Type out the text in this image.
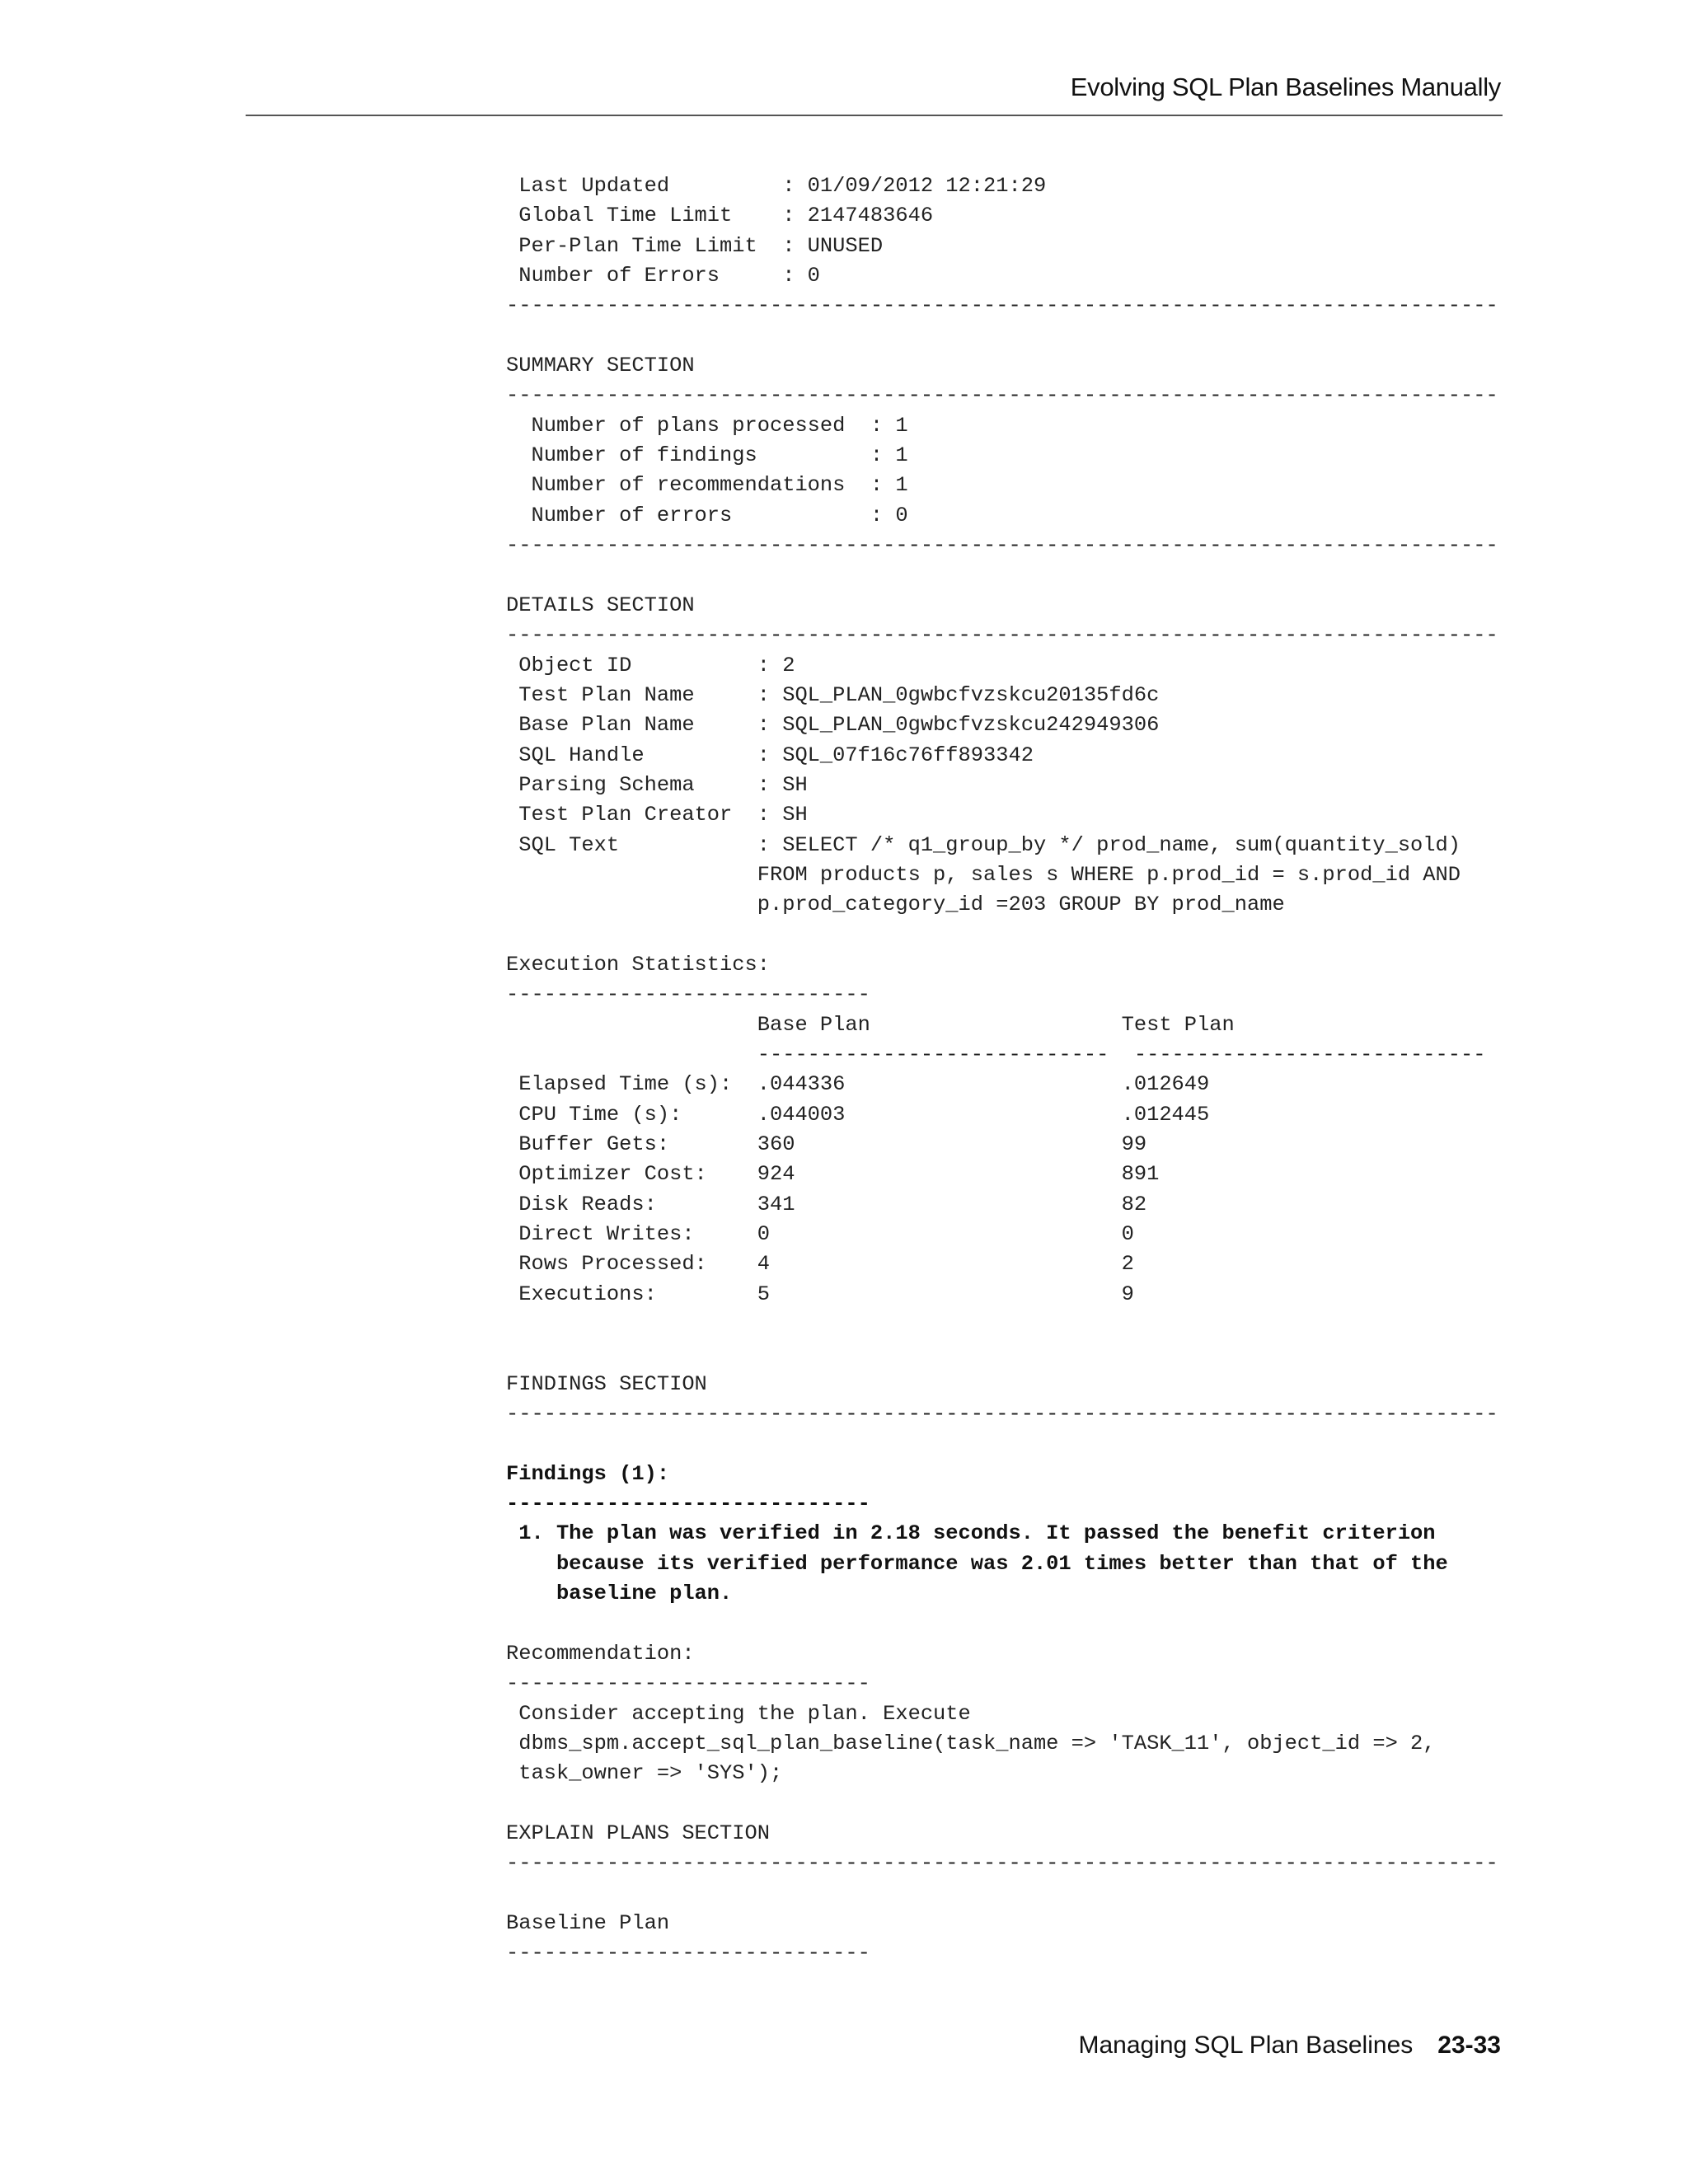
Evolving SQL Plan Baselines Manually
Last Updated         : 01/09/2012 12:21:29
Global Time Limit    : 2147483646
Per-Plan Time Limit  : UNUSED
Number of Errors     : 0
-------------------------------------------------------------------------------
SUMMARY SECTION
-------------------------------------------------------------------------------
Number of plans processed  : 1
Number of findings         : 1
Number of recommendations  : 1
Number of errors           : 0
-------------------------------------------------------------------------------
DETAILS SECTION
-------------------------------------------------------------------------------
Object ID          : 2
Test Plan Name     : SQL_PLAN_0gwbcfvzskcu20135fd6c
Base Plan Name     : SQL_PLAN_0gwbcfvzskcu242949306
SQL Handle         : SQL_07f16c76ff893342
Parsing Schema     : SH
Test Plan Creator  : SH
SQL Text           : SELECT /* q1_group_by */ prod_name, sum(quantity_sold)
FROM products p, sales s WHERE p.prod_id = s.prod_id AND
p.prod_category_id =203 GROUP BY prod_name
Execution Statistics:
-----------------------------
Base Plan                    Test Plan
----------------------------  ----------------------------
Elapsed Time (s):  .044336                      .012649
CPU Time (s):      .044003                      .012445
Buffer Gets:       360                          99
Optimizer Cost:    924                          891
Disk Reads:        341                          82
Direct Writes:     0                            0
Rows Processed:    4                            2
Executions:        5                            9
FINDINGS SECTION
-------------------------------------------------------------------------------
Findings (1):
-----------------------------
1. The plan was verified in 2.18 seconds. It passed the benefit criterion
because its verified performance was 2.01 times better than that of the
baseline plan.
Recommendation:
-----------------------------
Consider accepting the plan. Execute
dbms_spm.accept_sql_plan_baseline(task_name => 'TASK_11', object_id => 2,
task_owner => 'SYS');
EXPLAIN PLANS SECTION
-------------------------------------------------------------------------------
Baseline Plan
-----------------------------
Managing SQL Plan Baselines 23-33
